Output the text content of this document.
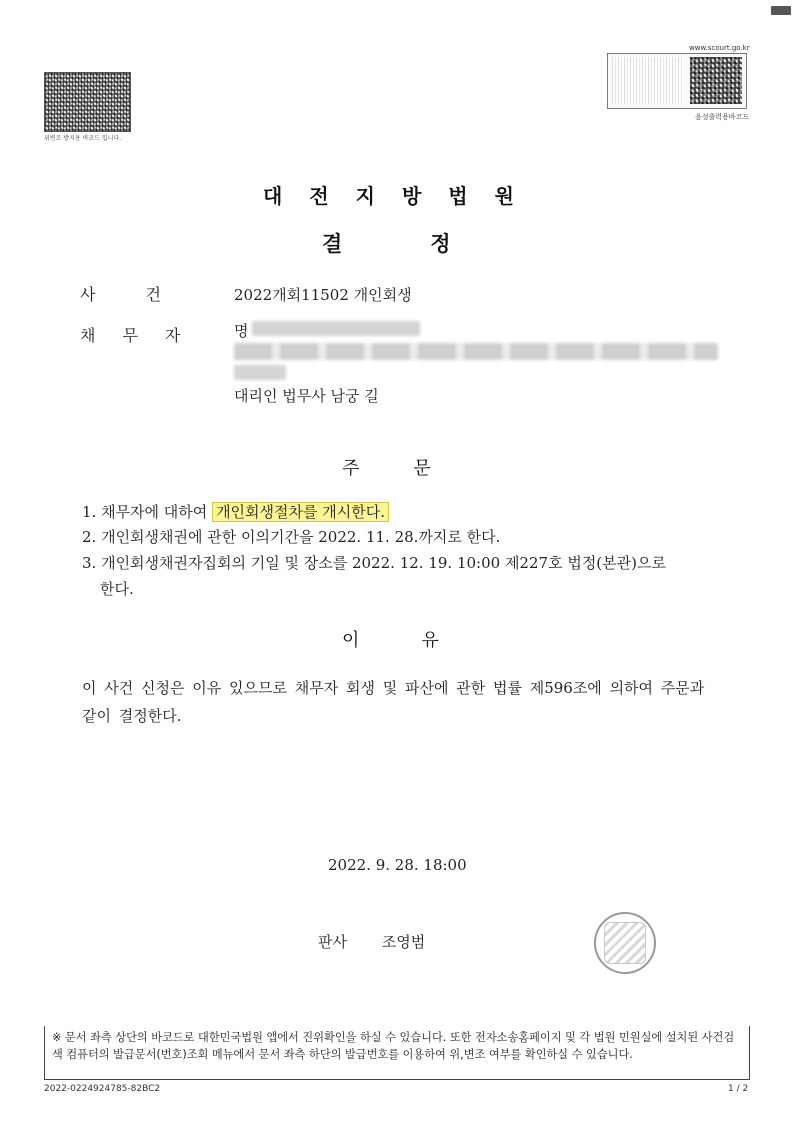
위변조 방지용 바코드 입니다.
www.scourt.go.kr
음성출력용바코드
대전지방법원
결정
사건 2022개회11502 개인회생
채무자 명
대리인 법무사 남궁 길
주문
1. 채무자에 대하여 개인회생절차를 개시한다.
2. 개인회생채권에 관한 이의기간을 2022. 11. 28.까지로 한다.
3. 개인회생채권자집회의 기일 및 장소를 2022. 12. 19. 10:00 제227호 법정(본관)으로
한다.
이유
이 사건 신청은 이유 있으므로 채무자 회생 및 파산에 관한 법률 제596조에 의하여 주문과 같이 결정한다.
2022. 9. 28. 18:00
판사 조영범
※ 문서 좌측 상단의 바코드로 대한민국법원 앱에서 진위확인을 하실 수 있습니다. 또한 전자소송홈페이지 및 각 법원 민원실에 설치된 사건검색 컴퓨터의 발급문서(번호)조회 메뉴에서 문서 좌측 하단의 발급번호를 이용하여 위,변조 여부를 확인하실 수 있습니다.
2022-0224924785-82BC2	1 / 2
